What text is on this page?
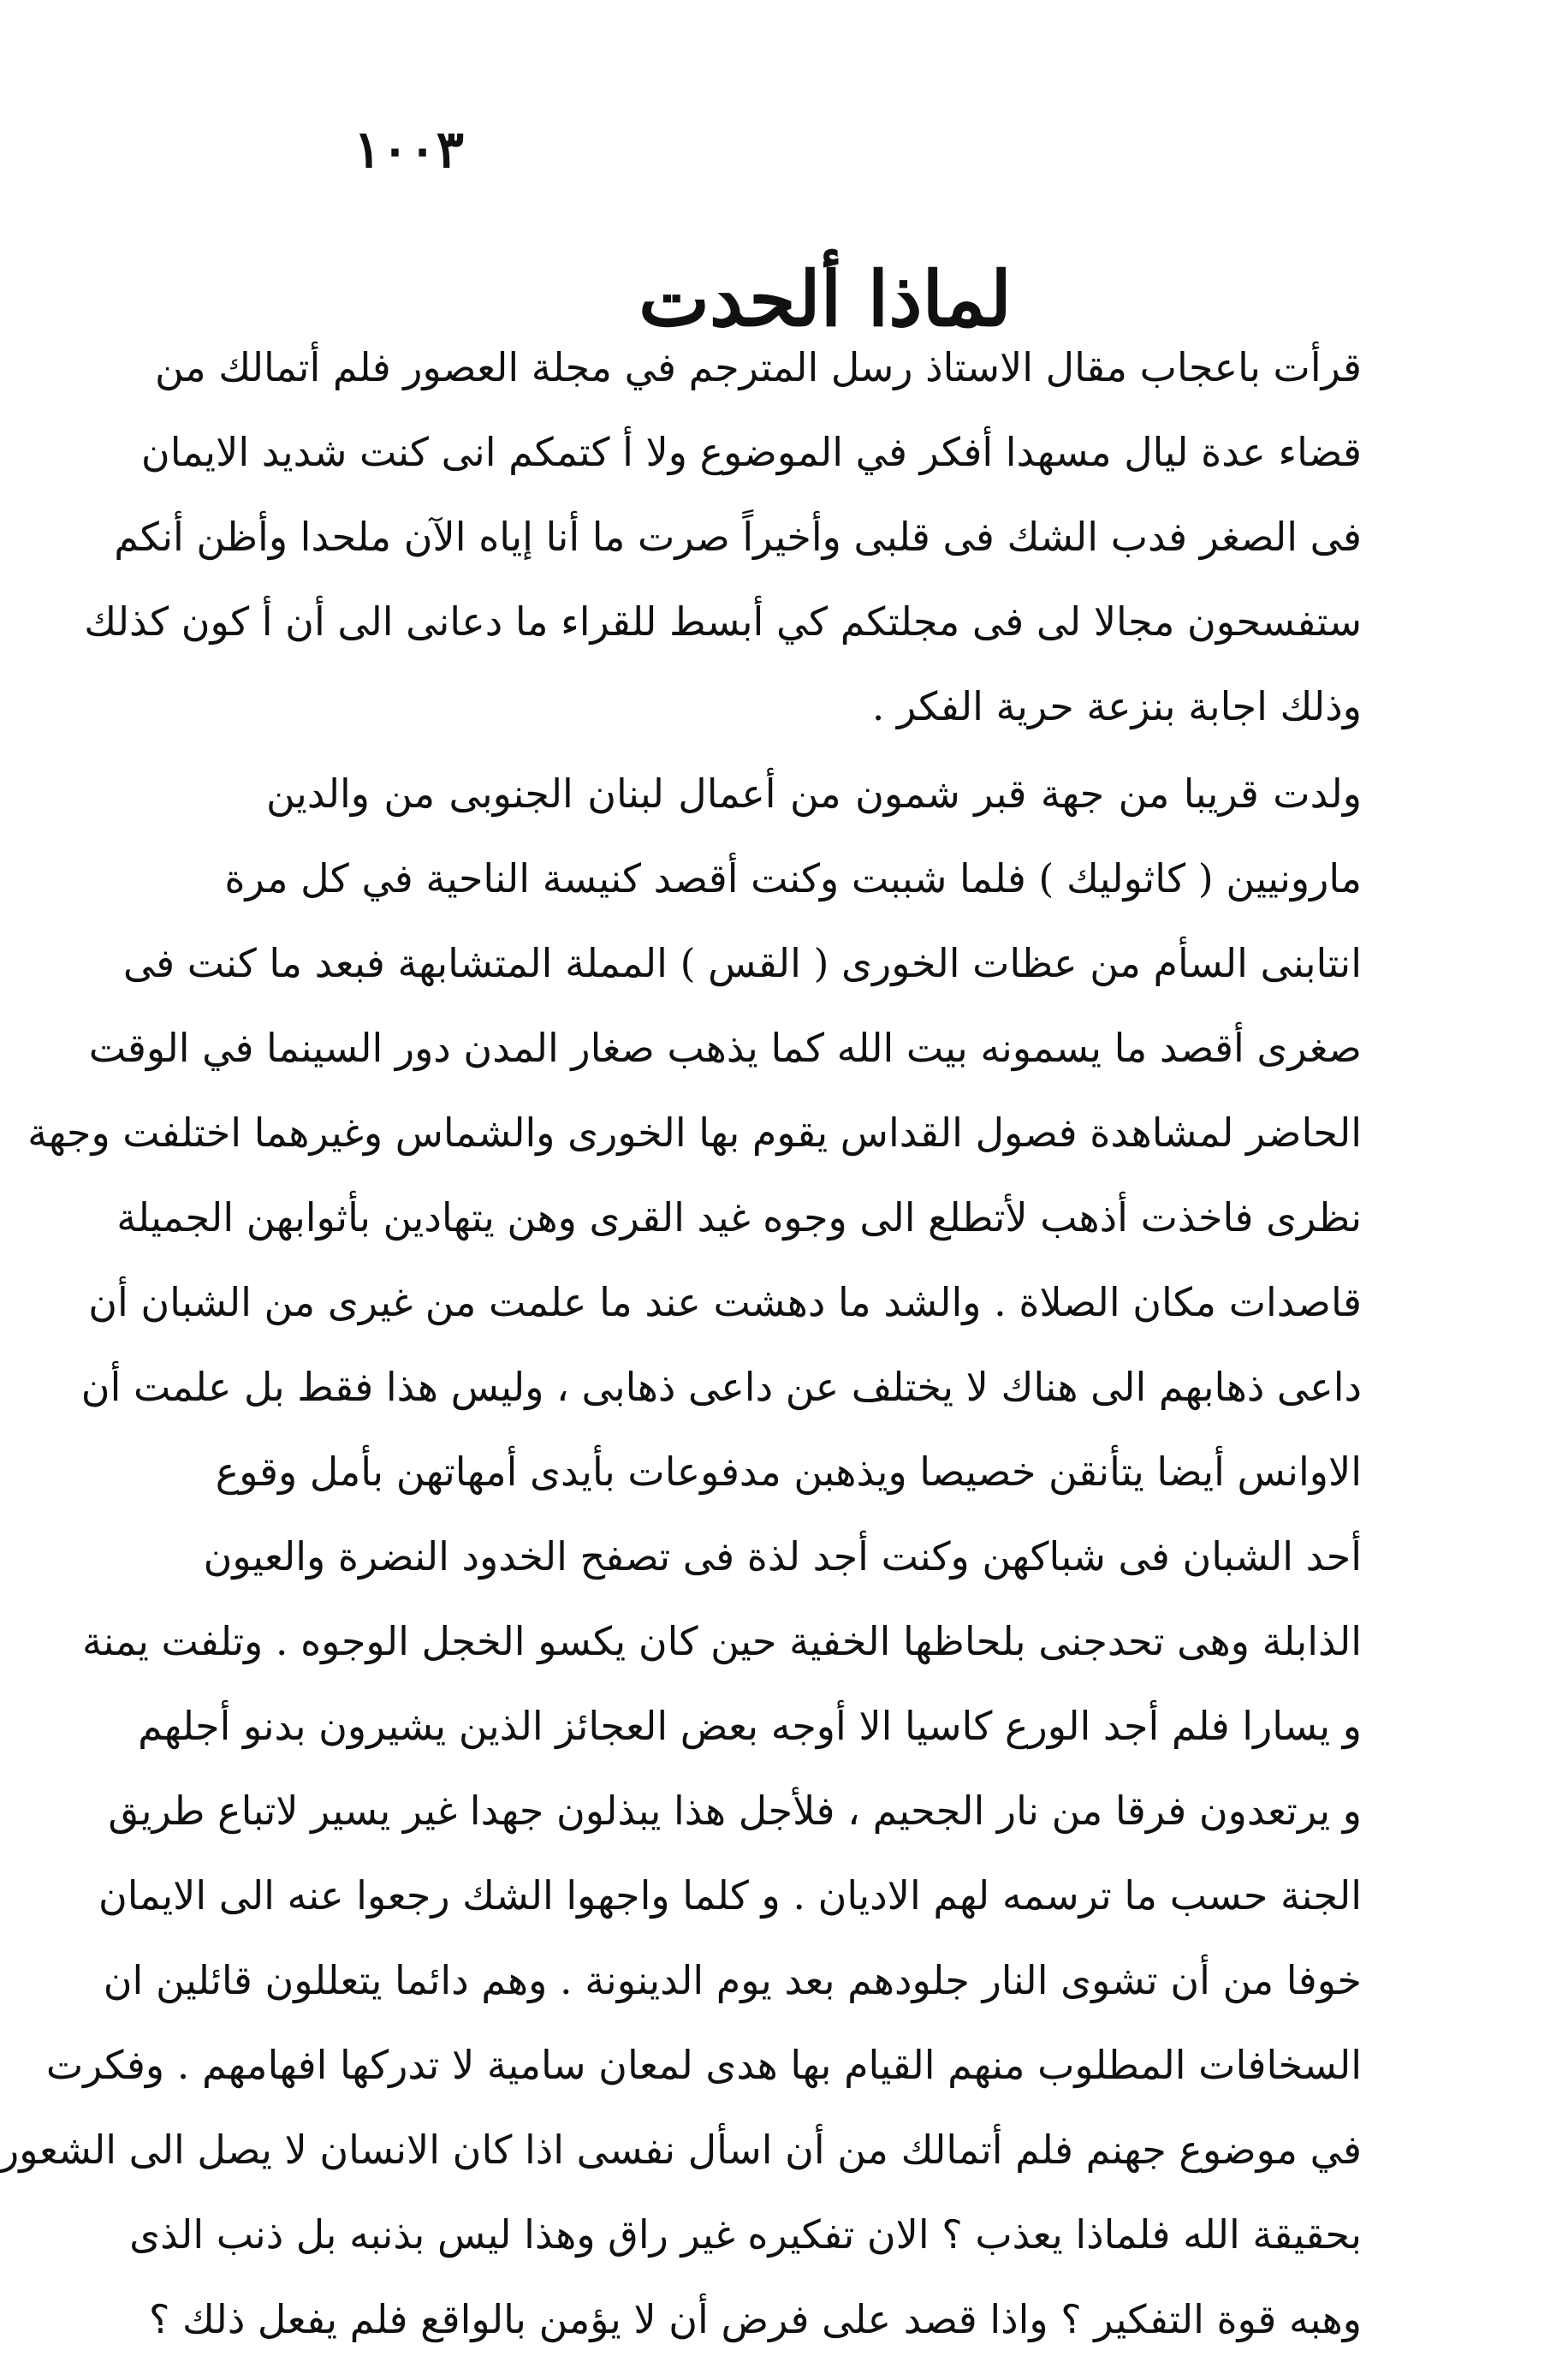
١٠٠٣
لماذا ألحدت

قرأت باعجاب مقال الاستاذ رسل المترجم في مجلة العصور فلم أتمالك من
قضاء عدة ليال مسهدا أفكر في الموضوع ولا أ كتمكم انى كنت شديد الايمان
فى الصغر فدب الشك فى قلبى وأخيراً صرت ما أنا إياه الآن ملحدا وأظن أنكم
ستفسحون مجالا لى فى مجلتكم كي أبسط للقراء ما دعانى الى أن أ كون كذلك
وذلك اجابة بنزعة حرية الفكر .

ولدت قريبا من جهة قبر شمون من أعمال لبنان الجنوبى من والدين
مارونيين ( كاثوليك ) فلما شببت وكنت أقصد كنيسة الناحية في كل مرة
انتابنى السأم من عظات الخورى ( القس ) المملة المتشابهة فبعد ما كنت فى
صغرى أقصد ما يسمونه بيت الله كما يذهب صغار المدن دور السينما في الوقت
الحاضر لمشاهدة فصول القداس يقوم بها الخورى والشماس وغيرهما اختلفت وجهة
نظرى فاخذت أذهب لأتطلع الى وجوه غيد القرى وهن يتهادين بأثوابهن الجميلة
قاصدات مكان الصلاة . والشد ما دهشت عند ما علمت من غيرى من الشبان أن
داعى ذهابهم الى هناك لا يختلف عن داعى ذهابى ، وليس هذا فقط بل علمت أن
الاوانس أيضا يتأنقن خصيصا ويذهبن مدفوعات بأيدى أمهاتهن بأمل وقوع
أحد الشبان فى شباكهن وكنت أجد لذة فى تصفح الخدود النضرة والعيون
الذابلة وهى تحدجنى بلحاظها الخفية حين كان يكسو الخجل الوجوه . وتلفت يمنة
و يسارا فلم أجد الورع كاسيا الا أوجه بعض العجائز الذين يشيرون بدنو أجلهم
و يرتعدون فرقا من نار الجحيم ، فلأجل هذا يبذلون جهدا غير يسير لاتباع طريق
الجنة حسب ما ترسمه لهم الاديان . و كلما واجهوا الشك رجعوا عنه الى الايمان
خوفا من أن تشوى النار جلودهم بعد يوم الدينونة . وهم دائما يتعللون قائلين ان
السخافات المطلوب منهم القيام بها هدى لمعان سامية لا تدركها افهامهم . وفكرت
في موضوع جهنم فلم أتمالك من أن اسأل نفسى اذا كان الانسان لا يصل الى الشعور
بحقيقة الله فلماذا يعذب ؟ الان تفكيره غير راق وهذا ليس بذنبه بل ذنب الذى
وهبه قوة التفكير ؟ واذا قصد على فرض أن لا يؤمن بالواقع فلم يفعل ذلك ؟
